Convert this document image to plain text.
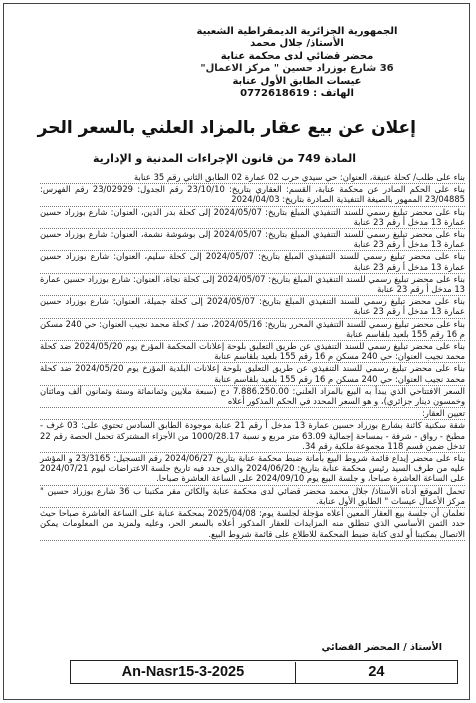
الجمهورية الجزائرية الديمقراطية الشعبية
الأستاذ/ جلال محمد
محضر قضائي لدى محكمة عنابة
36 شارع بوزراد حسين " مركز الاعمال"
عيسات الطابق الأول عنابة
الهاتف : 0772618619
إعلان عن بيع عقار بالمزاد العلني بالسعر الحر
المادة 749 من قانون الإجراءات المدنية و الإدارية

بناء على طلب/ كحلة عنيفة، العنوان: حي سيدي حرب 02 عمارة 02 الطابق الثاني رقم 35 عنابة

بناء على الحكم الصادر عن محكمة عنابة، القسم: العقاري بتاريخ: 23/10/10 رقم الجدول: 23/02929 رقم الفهرس: 23/04885 الممهور بالصيغة التنفيذية الصادرة بتاريخ: 2024/04/03

بناء على محضر تبليغ رسمي للسند التنفيذي المبلغ بتاريخ: 2024/05/07 إلى كحلة بدر الدين، العنوان: شارع بوزراد حسين عمارة 13 مدخل أ رقم 23 عنابة

بناء على محضر تبليغ رسمي للسند التنفيذي المبلغ بتاريخ: 2024/05/07 إلى بوشوشة نشمة، العنوان: شارع بوزراد حسين عمارة 13 مدخل أ رقم 23 عنابة

بناء على محضر تبليغ رسمي للسند التنفيذي المبلغ بتاريخ: 2024/05/07 إلى كحلة سليم، العنوان: شارع بوزراد حسين عمارة 13 مدخل أ رقم 23 عنابة

بناء على محضر تبليغ رسمي للسند التنفيذي المبلغ بتاريخ: 2024/05/07 إلى كحلة نجاة، العنوان: شارع بوزراد حسين عمارة 13 مدخل أ رقم 23 عنابة

بناء على محضر تبليغ رسمي للسند التنفيذي المبلغ بتاريخ: 2024/05/07 إلى كحلة جميلة، العنوان: شارع بوزراد حسين عمارة 13 مدخل أ رقم 23 عنابة

بناء على محضر تبليغ رسمي للسند التنفيذي المحرر بتاريخ: 2024/05/16، ضد / كحلة محمد نجيب العنوان: حي 240 مسكن م 16 رقم 155 بلعيد بلقاسم عنابة

بناء على محضر تبليغ رسمي للسند التنفيذي عن طريق التعليق بلوحة إعلانات المحكمة المؤرخ يوم 2024/05/20 ضد كحلة محمد نجيب العنوان: حي 240 مسكن م 16 رقم 155 بلعيد بلقاسم عنابة

بناء على محضر تبليغ رسمي للسند التنفيذي عن طريق التعليق بلوحة إعلانات البلدية المؤرخ يوم 2024/05/20 ضد كحلة محمد نجيب العنوان: حي 240 مسكن م 16 رقم 155 بلعيد بلقاسم عنابة

السعر الافتتاحي الذي يبدأ به البيع بالمزاد العلني: 7.886.250.00 دج (سبعة ملايين وثمانمائة وستة وثمانون ألف ومائتان وخمسون دينار جزائري)، و هو السعر المحدد في الحكم المذكور أعلاه

تعيين العقار:

شقة سكنية كائنة بشارع بوزراد حسين عمارة 13 مدخل أ رقم 21 عنابة موجودة الطابق السادس تحتوي على: 03 غرف - مطبخ - رواق - شرفة - بمساحة إجمالية 63.09 متر مربع و نسبة 1000/28.17 من الأجزاء المشتركة تحمل الحصة رقم 22 تدخل ضمن قسم 118 مجموعة ملكية رقم 34.

بناء على محضر إيداع قائمة شروط البيع بأمانة ضبط محكمة عنابة بتاريخ 2024/06/27 رقم التسجيل: 23/3165 و المؤشر عليه من طرف السيد رئيس محكمة عنابة بتاريخ: 2024/06/20 والذي حدد فيه تاريخ جلسة الاعتراضات ليوم 2024/07/21 على الساعة العاشرة صباحا، و جلسة البيع يوم 2024/09/10 على الساعة العاشرة صباحا.

تحمل الموقع أدناه الأستاذ/ جلال محمد محضر قضائي لدى محكمة عنابة والكائن مقر مكتبنا ب 36 شارع بوزراد حسين " مركز الأعمال عيسات " الطابق الأول عنابة.

نعلمان أن جلسة بيع العقار المعين أعلاه مؤجلة لجلسة يوم: 2025/04/08 بمحكمة عنابة على الساعة العاشرة صباحا حيث حدد الثمن الأساسي الذي تنطلق منه المزايدات للعقار المذكور أعلاه بالسعر الحر، وعليه ولمزيد من المعلومات يمكن الاتصال بمكتبنا أو لدى كتابة ضبط المحكمة للاطلاع على قائمة شروط البيع.

الأستاذ / المحضر القضائي
An-Nasr15-3-2025	24
